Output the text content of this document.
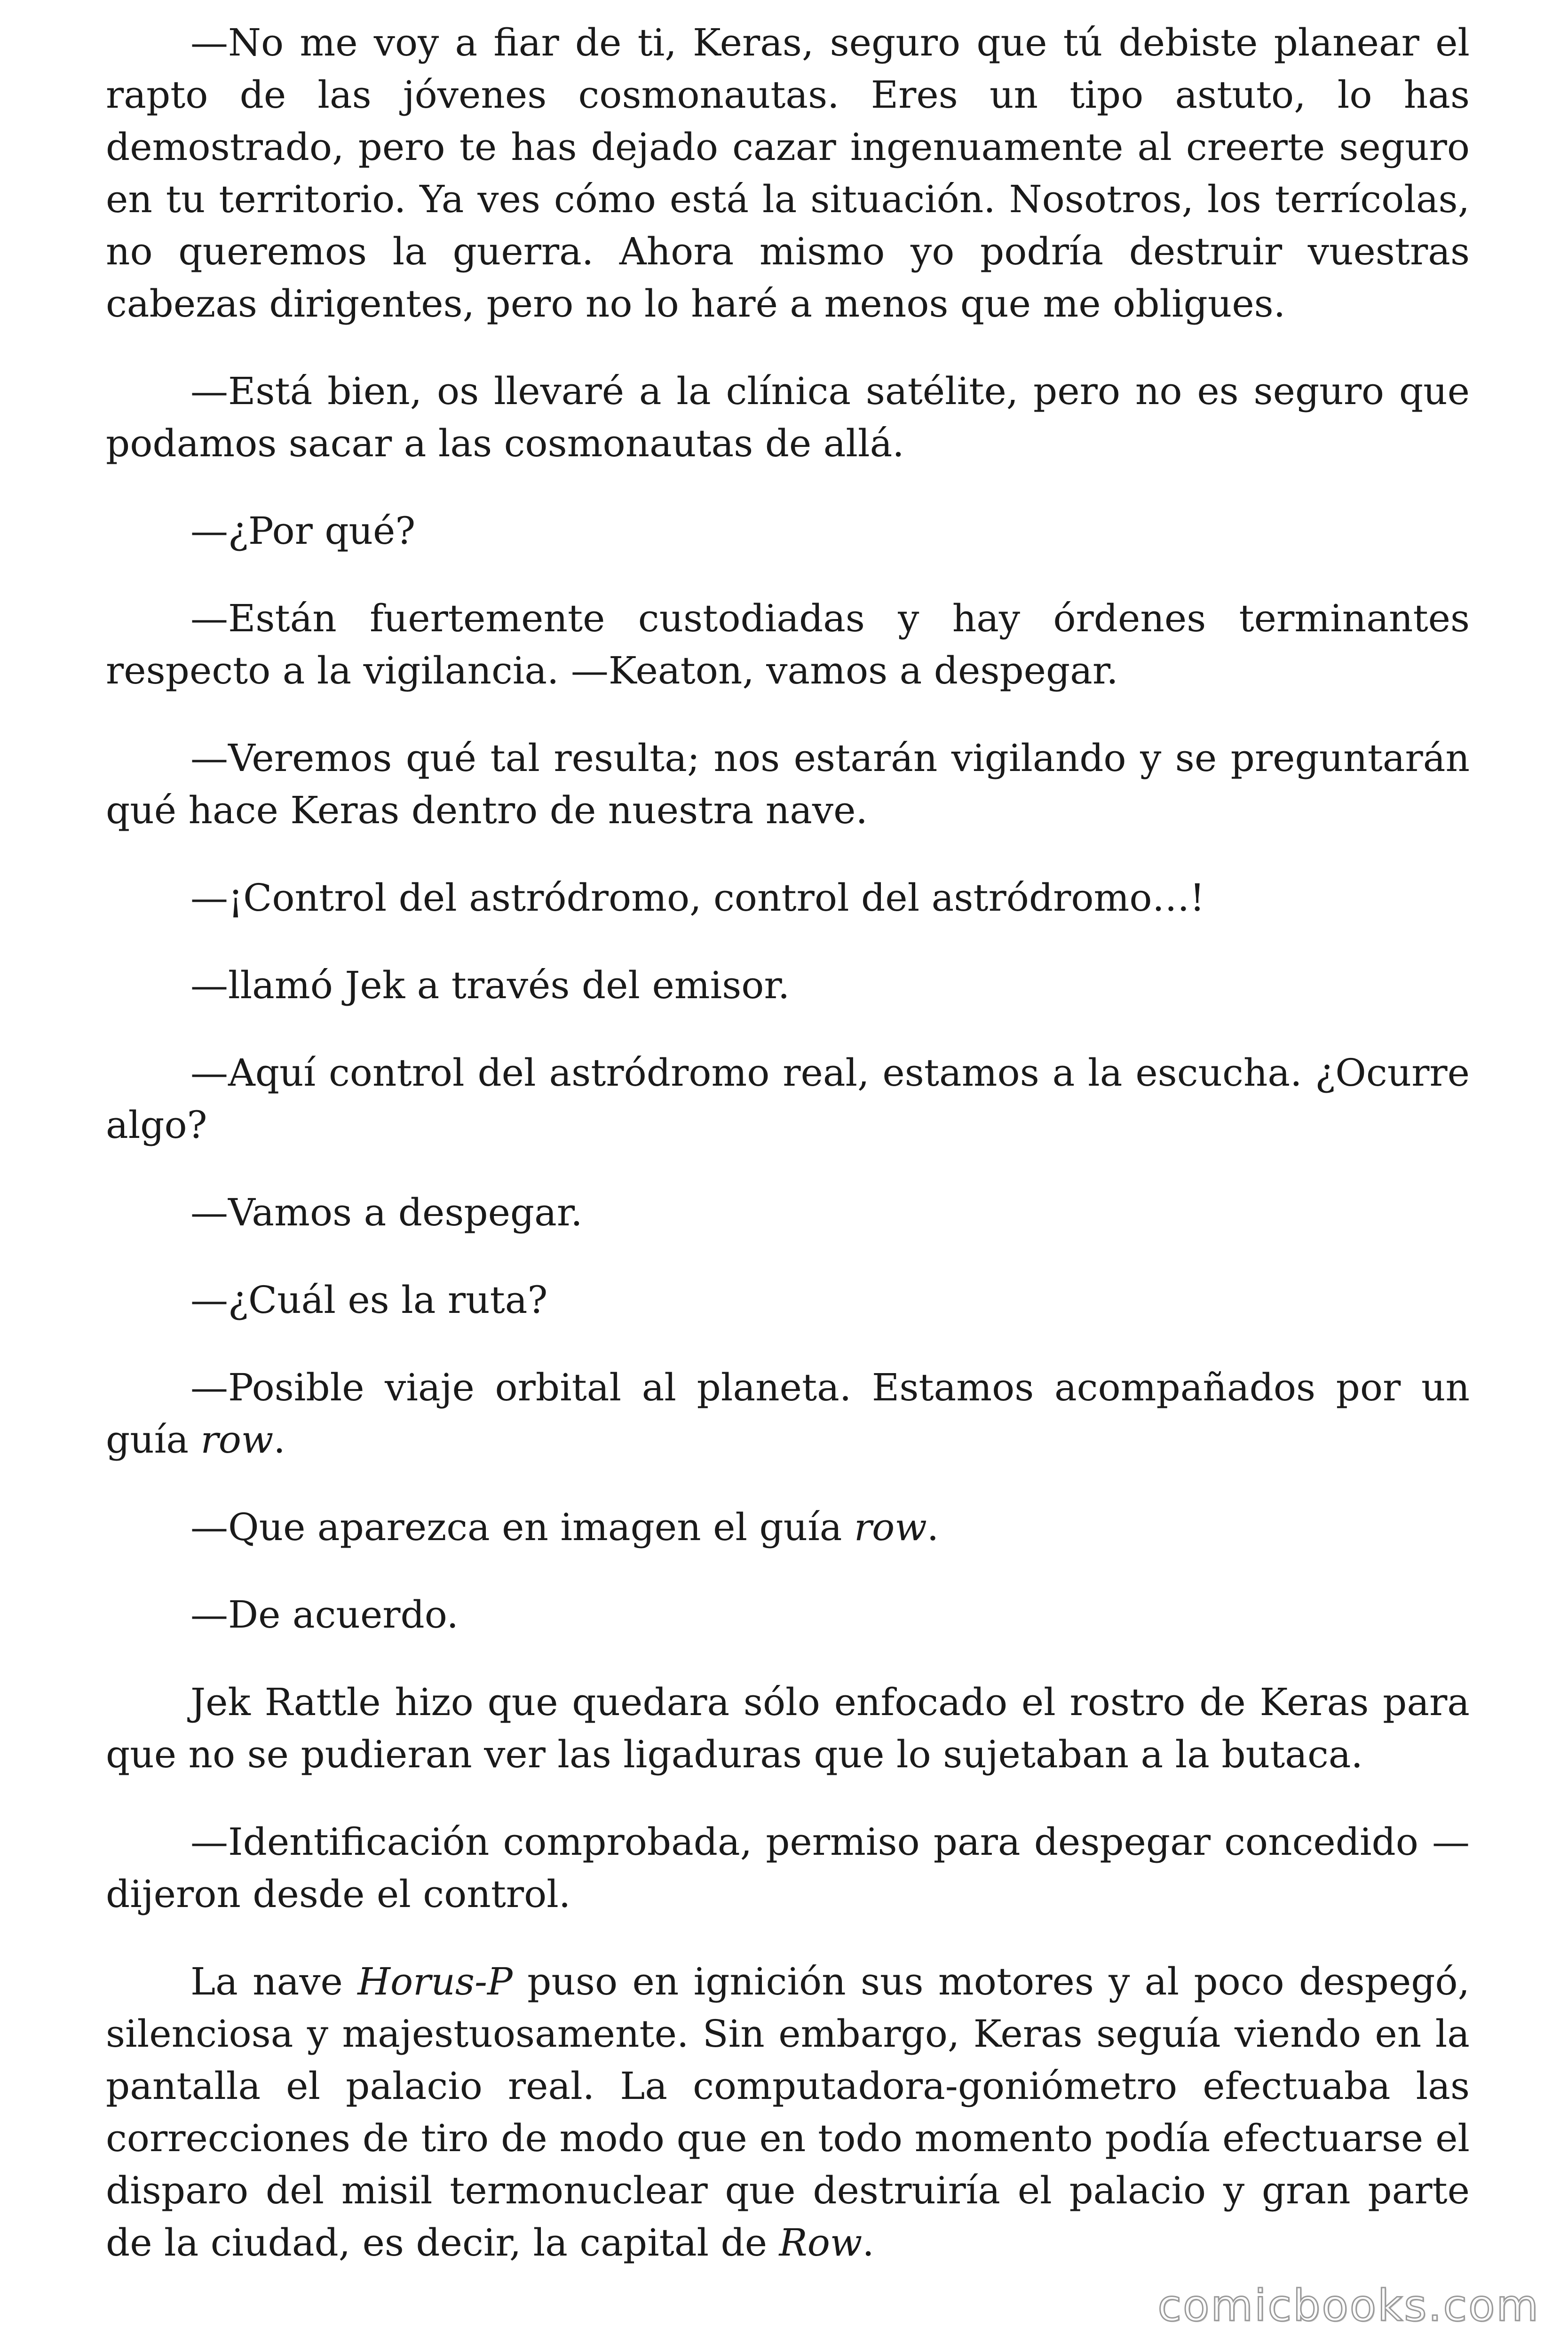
—No me voy a fiar de ti, Keras, seguro que tú debiste planear el rapto de las jóvenes cosmonautas. Eres un tipo astuto, lo has demostrado, pero te has dejado cazar ingenuamente al creerte seguro en tu territorio. Ya ves cómo está la situación. Nosotros, los terrícolas, no queremos la guerra. Ahora mismo yo podría destruir vuestras cabezas dirigentes, pero no lo haré a menos que me obligues.

—Está bien, os llevaré a la clínica satélite, pero no es seguro que podamos sacar a las cosmonautas de allá.

—¿Por qué?

—Están fuertemente custodiadas y hay órdenes terminantes respecto a la vigilancia. —Keaton, vamos a despegar.

—Veremos qué tal resulta; nos estarán vigilando y se preguntarán qué hace Keras dentro de nuestra nave.

—¡Control del astródromo, control del astródromo…!

—llamó Jek a través del emisor.

—Aquí control del astródromo real, estamos a la escucha. ¿Ocurre algo?

—Vamos a despegar.

—¿Cuál es la ruta?

—Posible viaje orbital al planeta. Estamos acompañados por un guía row.

—Que aparezca en imagen el guía row.

—De acuerdo.

Jek Rattle hizo que quedara sólo enfocado el rostro de Keras para que no se pudieran ver las ligaduras que lo sujetaban a la butaca.

—Identificación comprobada, permiso para despegar concedido —dijeron desde el control.

La nave Horus-P puso en ignición sus motores y al poco despegó, silenciosa y majestuosamente. Sin embargo, Keras seguía viendo en la pantalla el palacio real. La computadora-goniómetro efectuaba las correcciones de tiro de modo que en todo momento podía efectuarse el disparo del misil termonuclear que destruiría el palacio y gran parte de la ciudad, es decir, la capital de Row.

comicbooks.com
